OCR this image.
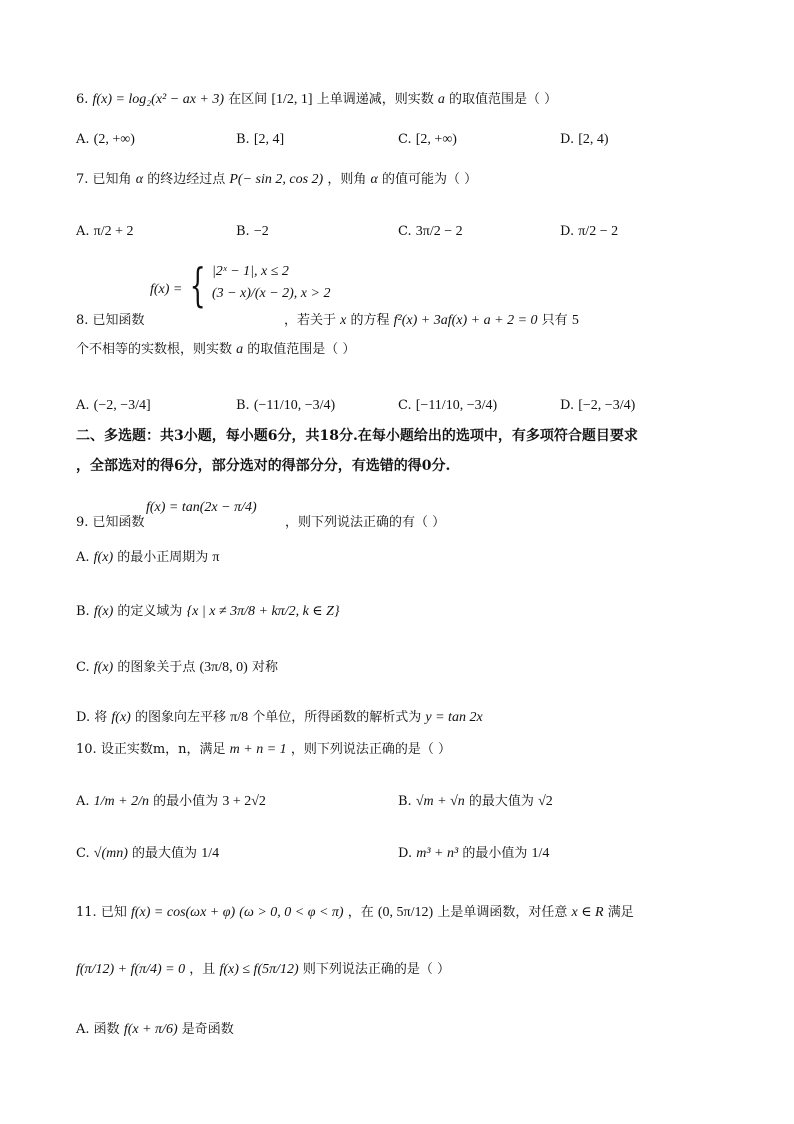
6. f(x) = log₂(x² − ax + 3) 在区间 [1/2, 1] 上单调递减，则实数 a 的取值范围是（ ）
A. (2, +∞)	B. [2, 4]	C. [2, +∞)	D. [2, 4)
7. 已知角 α 的终边经过点 P(− sin 2, cos 2) ，则角 α 的值可能为（ ）
A. π/2 + 2	B. −2	C. 3π/2 − 2	D. π/2 − 2
f(x) = { |2ˣ − 1|, x ≤ 2
(3 − x)/(x − 2), x > 2
8. 已知函数	，若关于 x 的方程 f²(x) + 3af(x) + a + 2 = 0 只有 5
个不相等的实数根，则实数 a 的取值范围是（ ）
A. (−2, −3/4]	B. (−11/10, −3/4)	C. [−11/10, −3/4)	D. [−2, −3/4)
二、多选题：共3小题，每小题6分，共18分.在每小题给出的选项中，有多项符合题目要求
，全部选对的得6分，部分选对的得部分分，有选错的得0分.
f(x) = tan(2x − π/4)
9. 已知函数	，则下列说法正确的有（ ）
A. f(x) 的最小正周期为 π
B. f(x) 的定义域为 {x | x ≠ 3π/8 + kπ/2, k ∈ Z}
C. f(x) 的图象关于点 (3π/8, 0) 对称
D. 将 f(x) 的图象向左平移 π/8 个单位，所得函数的解析式为 y = tan 2x
10. 设正实数m，n，满足 m + n = 1 ，则下列说法正确的是（ ）
A. 1/m + 2/n 的最小值为 3 + 2√2	B. √m + √n 的最大值为 √2
C. √(mn) 的最大值为 1/4	D. m³ + n³ 的最小值为 1/4
11. 已知 f(x) = cos(ωx + φ) (ω > 0, 0 < φ < π) ，在 (0, 5π/12) 上是单调函数，对任意 x ∈ R 满足
f(π/12) + f(π/4) = 0 ，且 f(x) ≤ f(5π/12) 则下列说法正确的是（ ）
A. 函数 f(x + π/6) 是奇函数
